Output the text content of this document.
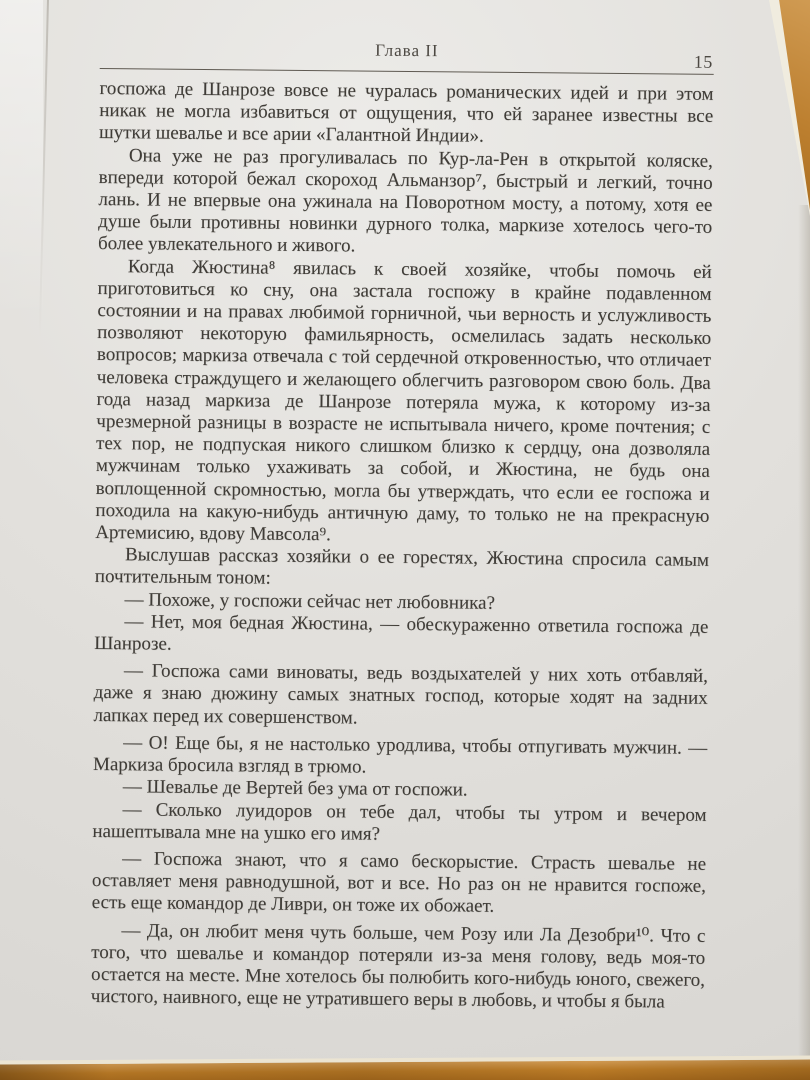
Глава II
15

госпожа де Шанрозе вовсе не чуралась романических идей и при этом никак не могла избавиться от ощущения, что ей заранее известны все шутки шевалье и все арии «Галантной Индии».

Она уже не раз прогуливалась по Кур-ла-Рен в открытой коляске, впереди которой бежал скороход Альманзор⁷, быстрый и легкий, точно лань. И не впервые она ужинала на Поворотном мосту, а потому, хотя ее душе были противны новинки дурного толка, маркизе хотелось чего-то более увлекательного и живого.

Когда Жюстина⁸ явилась к своей хозяйке, чтобы помочь ей приготовиться ко сну, она застала госпожу в крайне подавленном состоянии и на правах любимой горничной, чьи верность и услужливость позволяют некоторую фамильярность, осмелилась задать несколько вопросов; маркиза отвечала с той сердечной откровенностью, что отличает человека страждущего и желающего облегчить разговором свою боль. Два года назад маркиза де Шанрозе потеряла мужа, к которому из-за чрезмерной разницы в возрасте не испытывала ничего, кроме почтения; с тех пор, не подпуская никого слишком близко к сердцу, она дозволяла мужчинам только ухаживать за собой, и Жюстина, не будь она воплощенной скромностью, могла бы утверждать, что если ее госпожа и походила на какую-нибудь античную даму, то только не на прекрасную Артемисию, вдову Мавсола⁹.

Выслушав рассказ хозяйки о ее горестях, Жюстина спросила самым почтительным тоном:

— Похоже, у госпожи сейчас нет любовника?

— Нет, моя бедная Жюстина, — обескураженно ответила госпожа де Шанрозе.

— Госпожа сами виноваты, ведь воздыхателей у них хоть отбавляй, даже я знаю дюжину самых знатных господ, которые ходят на задних лапках перед их совершенством.

— О! Еще бы, я не настолько уродлива, чтобы отпугивать мужчин. — Маркиза бросила взгляд в трюмо.

— Шевалье де Вертей без ума от госпожи.

— Сколько луидоров он тебе дал, чтобы ты утром и вечером нашептывала мне на ушко его имя?

— Госпожа знают, что я само бескорыстие. Страсть шевалье не оставляет меня равнодушной, вот и все. Но раз он не нравится госпоже, есть еще командор де Ливри, он тоже их обожает.

— Да, он любит меня чуть больше, чем Розу или Ла Дезобри¹⁰. Что с того, что шевалье и командор потеряли из-за меня голову, ведь моя-то остается на месте. Мне хотелось бы полюбить кого-нибудь юного, свежего, чистого, наивного, еще не утратившего веры в любовь, и чтобы я была
